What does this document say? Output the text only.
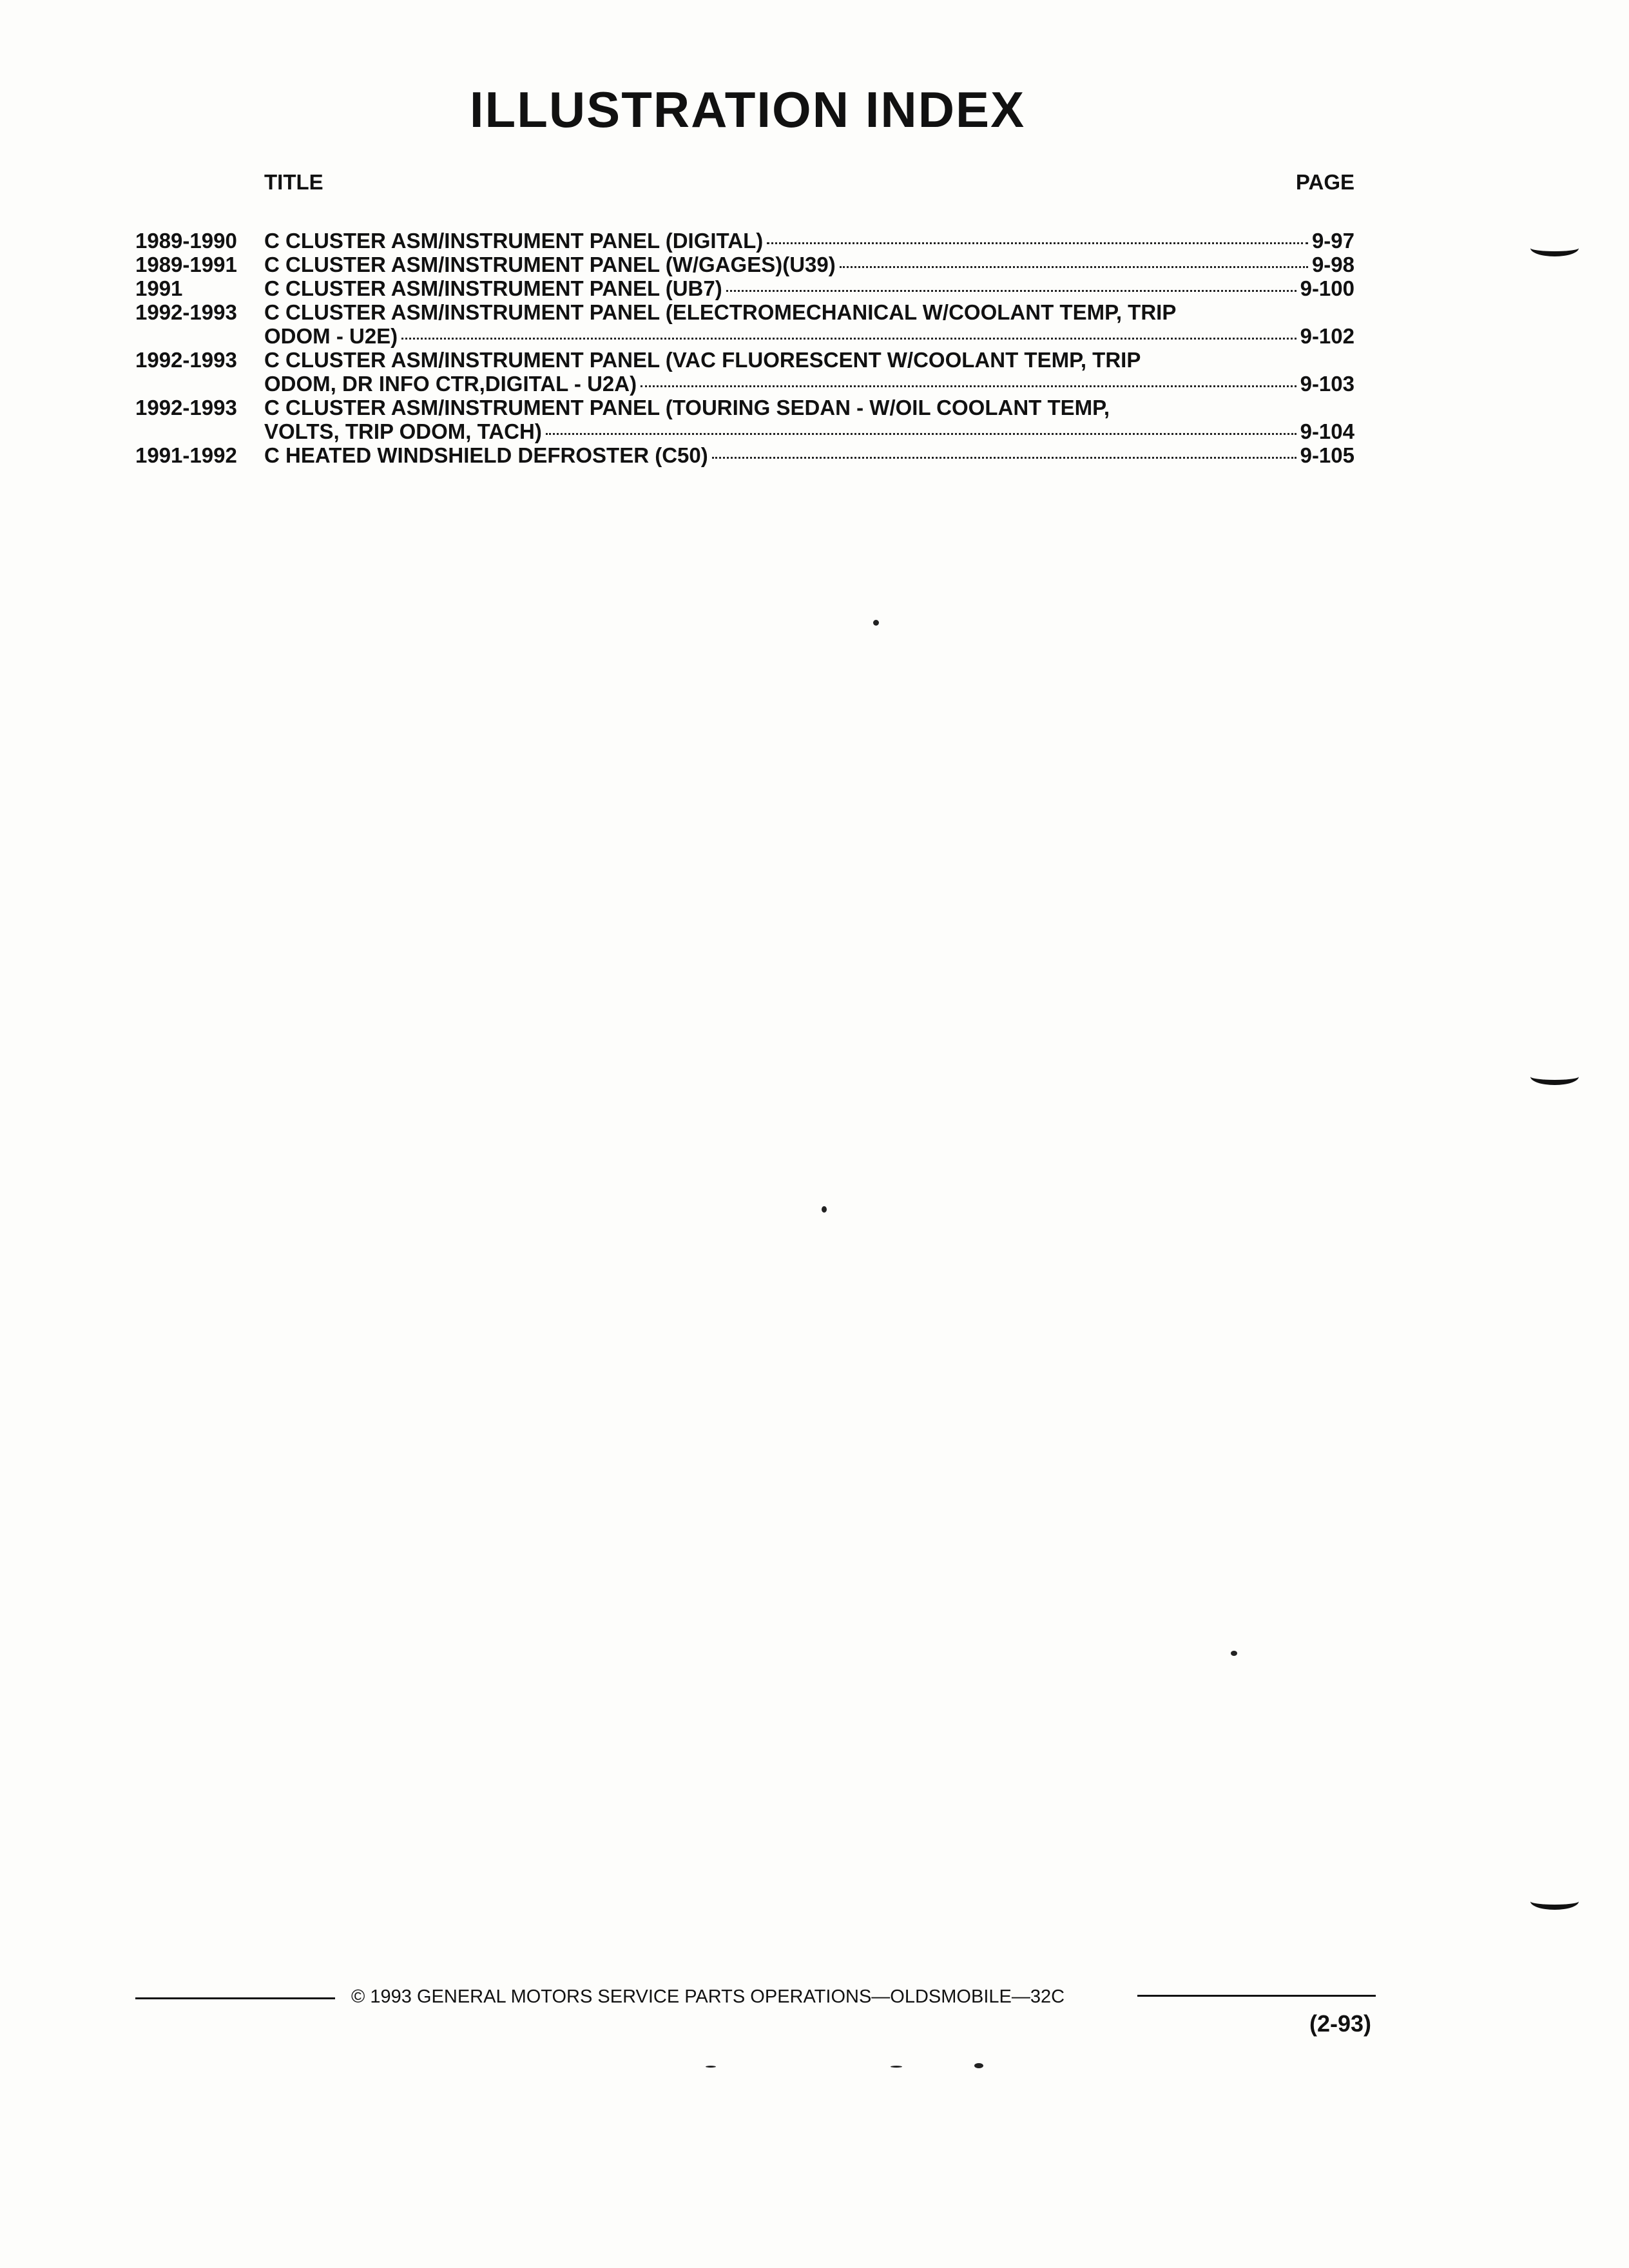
ILLUSTRATION INDEX
TITLE	PAGE
1989-1990	C CLUSTER ASM/INSTRUMENT PANEL (DIGITAL)	9-97
1989-1991	C CLUSTER ASM/INSTRUMENT PANEL (W/GAGES)(U39)	9-98
1991	C CLUSTER ASM/INSTRUMENT PANEL (UB7)	9-100
1992-1993	C CLUSTER ASM/INSTRUMENT PANEL (ELECTROMECHANICAL W/COOLANT TEMP, TRIP
ODOM - U2E)	9-102
1992-1993	C CLUSTER ASM/INSTRUMENT PANEL (VAC FLUORESCENT W/COOLANT TEMP, TRIP
ODOM, DR INFO CTR,DIGITAL - U2A)	9-103
1992-1993	C CLUSTER ASM/INSTRUMENT PANEL (TOURING SEDAN - W/OIL COOLANT TEMP,
VOLTS, TRIP ODOM, TACH)	9-104
1991-1992	C HEATED WINDSHIELD DEFROSTER (C50)	9-105
© 1993 GENERAL MOTORS SERVICE PARTS OPERATIONS—OLDSMOBILE—32C
(2-93)
